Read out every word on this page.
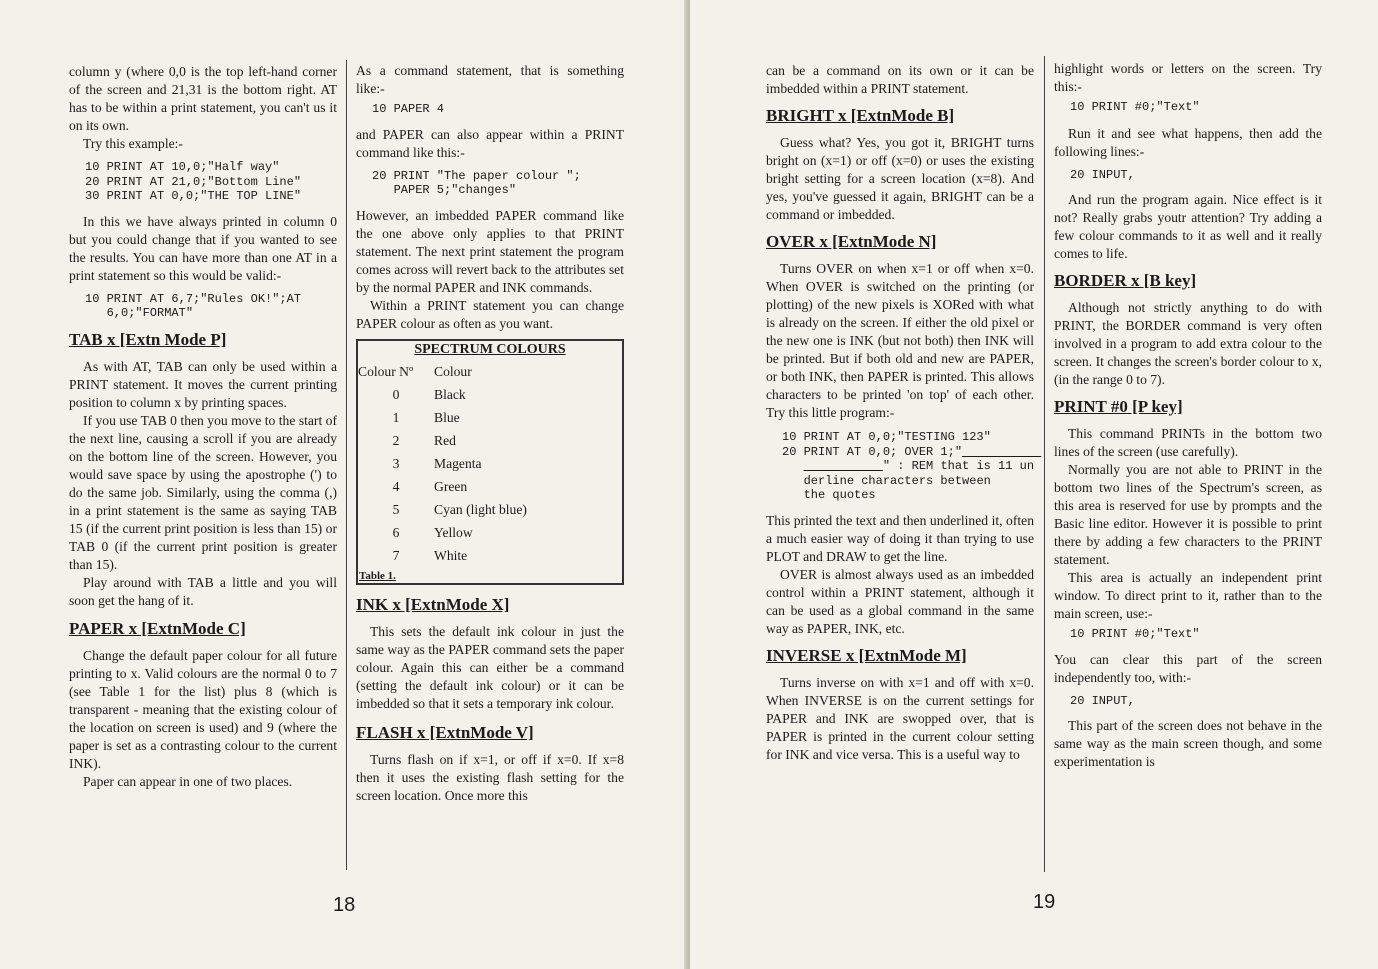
column y (where 0,0 is the top left-hand corner of the screen and 21,31 is the bottom right. AT has to be within a print statement, you can't us it on its own.

Try this example:-

10 PRINT AT 10,0;"Half way"
20 PRINT AT 21,0;"Bottom Line"
30 PRINT AT 0,0;"THE TOP LINE"

In this we have always printed in column 0 but you could change that if you wanted to see the results. You can have more than one AT in a print statement so this would be valid:-

10 PRINT AT 6,7;"Rules OK!";AT
6,0;"FORMAT"
TAB x [Extn Mode P]

As with AT, TAB can only be used within a PRINT statement. It moves the current printing position to column x by printing spaces.

If you use TAB 0 then you move to the start of the next line, causing a scroll if you are already on the bottom line of the screen. However, you would save space by using the apostrophe (') to do the same job. Similarly, using the comma (,) in a print statement is the same as saying TAB 15 (if the current print position is less than 15) or TAB 0 (if the current print position is greater than 15).

Play around with TAB a little and you will soon get the hang of it.

PAPER x [ExtnMode C]

Change the default paper colour for all future printing to x. Valid colours are the normal 0 to 7 (see Table 1 for the list) plus 8 (which is transparent - meaning that the existing colour of the location on screen is used) and 9 (where the paper is set as a contrasting colour to the current INK).

Paper can appear in one of two places.

As a command statement, that is something like:-

10 PAPER 4

and PAPER can also appear within a PRINT command like this:-

20 PRINT "The paper colour ";
PAPER 5;"changes"

However, an imbedded PAPER command like the one above only applies to that PRINT statement. The next print statement the program comes across will revert back to the attributes set by the normal PAPER and INK commands.

Within a PRINT statement you can change PAPER colour as often as you want.

SPECTRUM COLOURS	
Colour Nº	Colour
0	Black
1	Blue
2	Red
3	Magenta
4	Green
5	Cyan (light blue)
6	Yellow
7	White
Table 1.	
INK x [ExtnMode X]

This sets the default ink colour in just the same way as the PAPER command sets the paper colour. Again this can either be a command (setting the default ink colour) or it can be imbedded so that it sets a temporary ink colour.

FLASH x [ExtnMode V]

Turns flash on if x=1, or off if x=0. If x=8 then it uses the existing flash setting for the screen location. Once more this

18

can be a command on its own or it can be imbedded within a PRINT statement.

BRIGHT x [ExtnMode B]

Guess what? Yes, you got it, BRIGHT turns bright on (x=1) or off (x=0) or uses the existing bright setting for a screen location (x=8). And yes, you've guessed it again, BRIGHT can be a command or imbedded.

OVER x [ExtnMode N]

Turns OVER on when x=1 or off when x=0. When OVER is switched on the printing (or plotting) of the new pixels is XORed with what is already on the screen. If either the old pixel or the new one is INK (but not both) then INK will be printed. But if both old and new are PAPER, or both INK, then PAPER is printed. This allows characters to be printed 'on top' of each other. Try this little program:-

10 PRINT AT 0,0;"TESTING 123"
20 PRINT AT 0,0; OVER 1;"
" : REM that is 11 un
derline characters between
the quotes

This printed the text and then underlined it, often a much easier way of doing it than trying to use PLOT and DRAW to get the line.

OVER is almost always used as an imbedded control within a PRINT statement, although it can be used as a global command in the same way as PAPER, INK, etc.

INVERSE x [ExtnMode M]

Turns inverse on with x=1 and off with x=0. When INVERSE is on the current settings for PAPER and INK are swopped over, that is PAPER is printed in the current colour setting for INK and vice versa. This is a useful way to

highlight words or letters on the screen. Try this:-

10 PRINT #0;"Text"

Run it and see what happens, then add the following lines:-

20 INPUT,

And run the program again. Nice effect is it not? Really grabs youtr attention? Try adding a few colour commands to it as well and it really comes to life.

BORDER x [B key]

Although not strictly anything to do with PRINT, the BORDER command is very often involved in a program to add extra colour to the screen. It changes the screen's border colour to x, (in the range 0 to 7).

PRINT #0 [P key]

This command PRINTs in the bottom two lines of the screen (use carefully).

Normally you are not able to PRINT in the bottom two lines of the Spectrum's screen, as this area is reserved for use by prompts and the Basic line editor. However it is possible to print there by adding a few characters to the PRINT statement.

This area is actually an independent print window. To direct print to it, rather than to the main screen, use:-

10 PRINT #0;"Text"

You can clear this part of the screen independently too, with:-

20 INPUT,

This part of the screen does not behave in the same way as the main screen though, and some experimentation is

19
